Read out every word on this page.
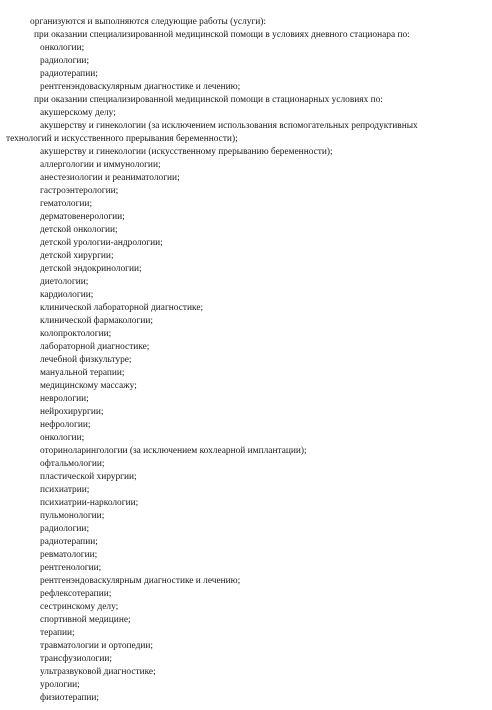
организуются и выполняются следующие работы (услуги):
при оказании специализированной медицинской помощи в условиях дневного стационара по:
онкологии;
радиологии;
радиотерапии;
рентгенэндоваскулярным диагностике и лечению;
при оказании специализированной медицинской помощи в стационарных условиях по:
акушерскому делу;
акушерству и гинекологии (за исключением использования вспомогательных репродуктивных
технологий и искусственного прерывания беременности);
акушерству и гинекологии (искусственному прерыванию беременности);
аллергологии и иммунологии;
анестезиологии и реаниматологии;
гастроэнтерологии;
гематологии;
дерматовенерологии;
детской онкологии;
детской урологии-андрологии;
детской хирургии;
детской эндокринологии;
диетологии;
кардиологии;
клинической лабораторной диагностике;
клинической фармакологии;
колопроктологии;
лабораторной диагностике;
лечебной физкультуре;
мануальной терапии;
медицинскому массажу;
неврологии;
нейрохирургии;
нефрологии;
онкологии;
оториноларингологии (за исключением кохлеарной имплантации);
офтальмологии;
пластической хирургии;
психиатрии;
психиатрии-наркологии;
пульмонологии;
радиологии;
радиотерапии;
ревматологии;
рентгенологии;
рентгенэндоваскулярным диагностике и лечению;
рефлексотерапии;
сестринскому делу;
спортивной медицине;
терапии;
травматологии и ортопедии;
трансфузиологии;
ультразвуковой диагностике;
урологии;
физиотерапии;
